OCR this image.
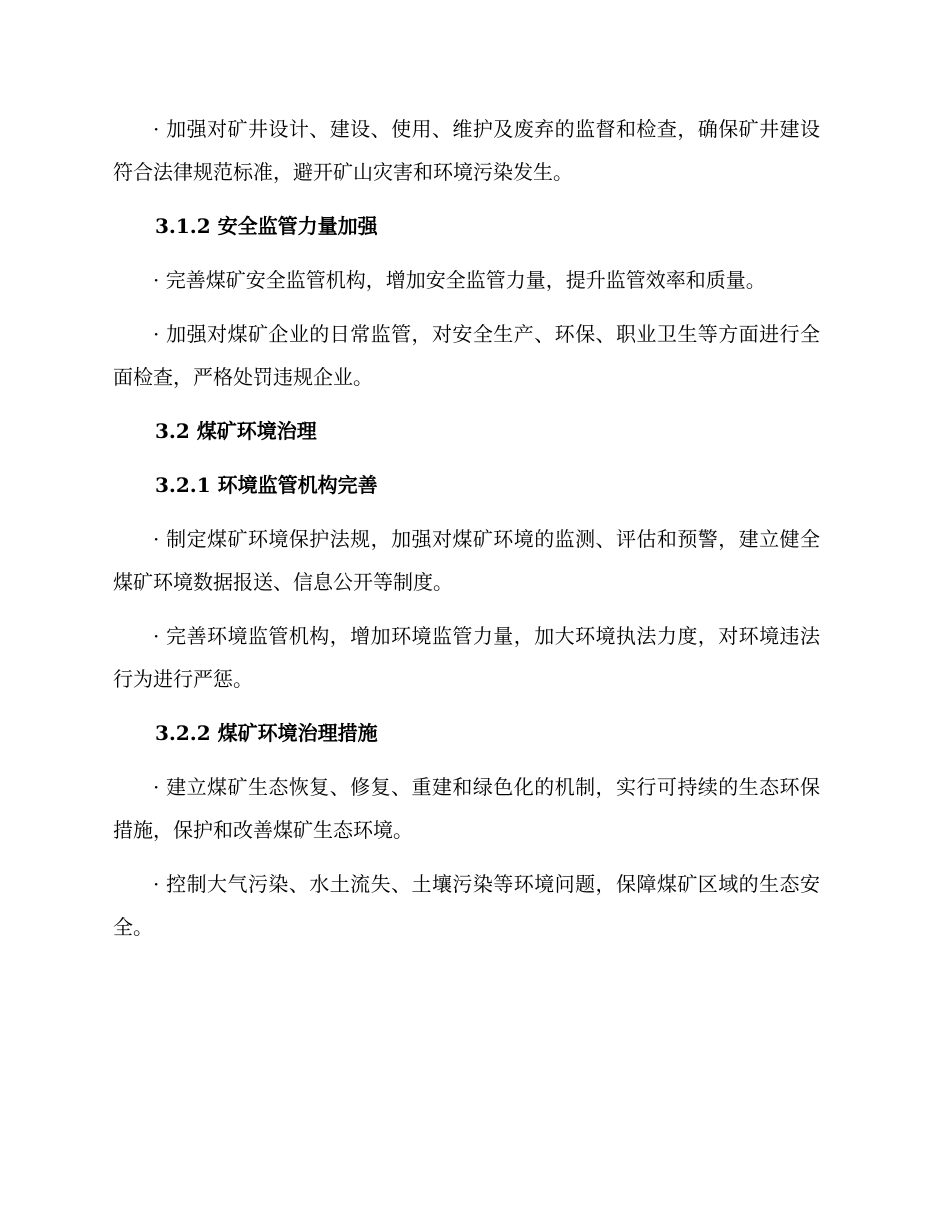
· 加强对矿井设计、建设、使用、维护及废弃的监督和检查，确保矿井建设符合法律规范标准，避开矿山灾害和环境污染发生。

3.1.2 安全监管力量加强

· 完善煤矿安全监管机构，增加安全监管力量，提升监管效率和质量。

· 加强对煤矿企业的日常监管，对安全生产、环保、职业卫生等方面进行全面检查，严格处罚违规企业。

3.2 煤矿环境治理

3.2.1 环境监管机构完善

· 制定煤矿环境保护法规，加强对煤矿环境的监测、评估和预警，建立健全煤矿环境数据报送、信息公开等制度。

· 完善环境监管机构，增加环境监管力量，加大环境执法力度，对环境违法行为进行严惩。

3.2.2 煤矿环境治理措施

· 建立煤矿生态恢复、修复、重建和绿色化的机制，实行可持续的生态环保措施，保护和改善煤矿生态环境。

· 控制大气污染、水土流失、土壤污染等环境问题，保障煤矿区域的生态安全。
